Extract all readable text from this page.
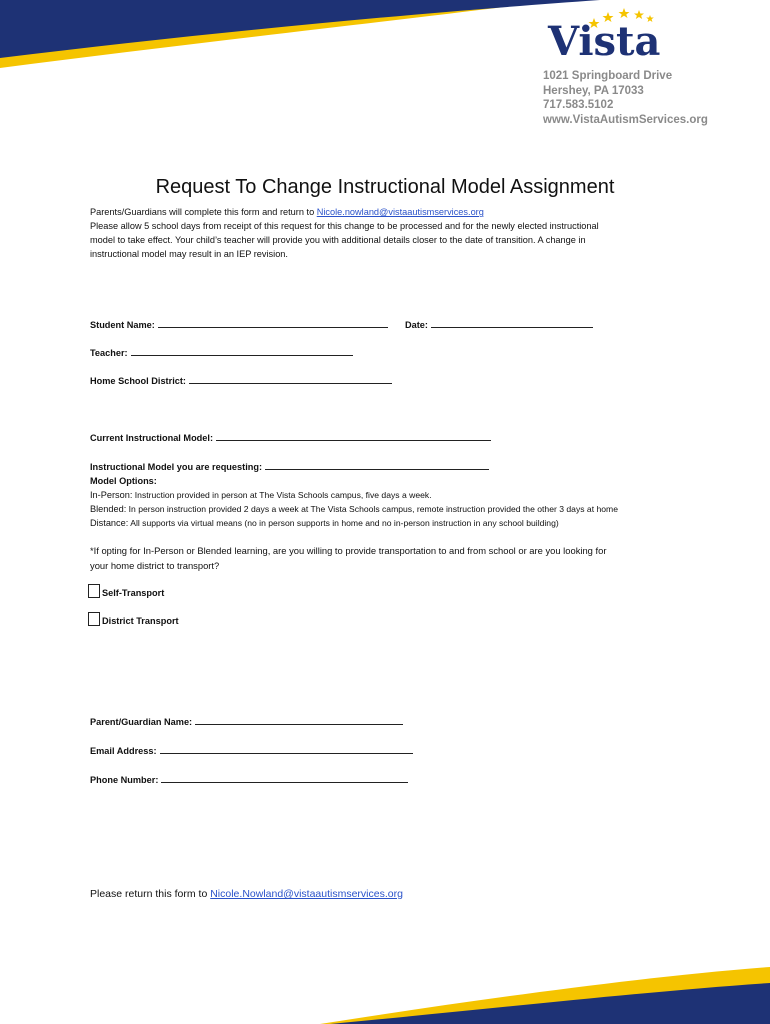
Vista
1021 Springboard Drive
Hershey, PA 17033
717.583.5102
www.VistaAutismServices.org
Request To Change Instructional Model Assignment
Parents/Guardians will complete this form and return to Nicole.nowland@vistaautismservices.org
Please allow 5 school days from receipt of this request for this change to be processed and for the newly elected instructional
model to take effect. Your child’s teacher will provide you with additional details closer to the date of transition. A change in
instructional model may result in an IEP revision.
Student Name:	Date:
Teacher:
Home School District:
Current Instructional Model:
Instructional Model you are requesting:
Model Options:
In-Person: Instruction provided in person at The Vista Schools campus, five days a week.
Blended: In person instruction provided 2 days a week at The Vista Schools campus, remote instruction provided the other 3 days at home
Distance: All supports via virtual means (no in person supports in home and no in-person instruction in any school building)
*If opting for In-Person or Blended learning, are you willing to provide transportation to and from school or are you looking for
your home district to transport?
Self-Transport
District Transport
Parent/Guardian Name:
Email Address:
Phone Number:
Please return this form to Nicole.Nowland@vistaautismservices.org
